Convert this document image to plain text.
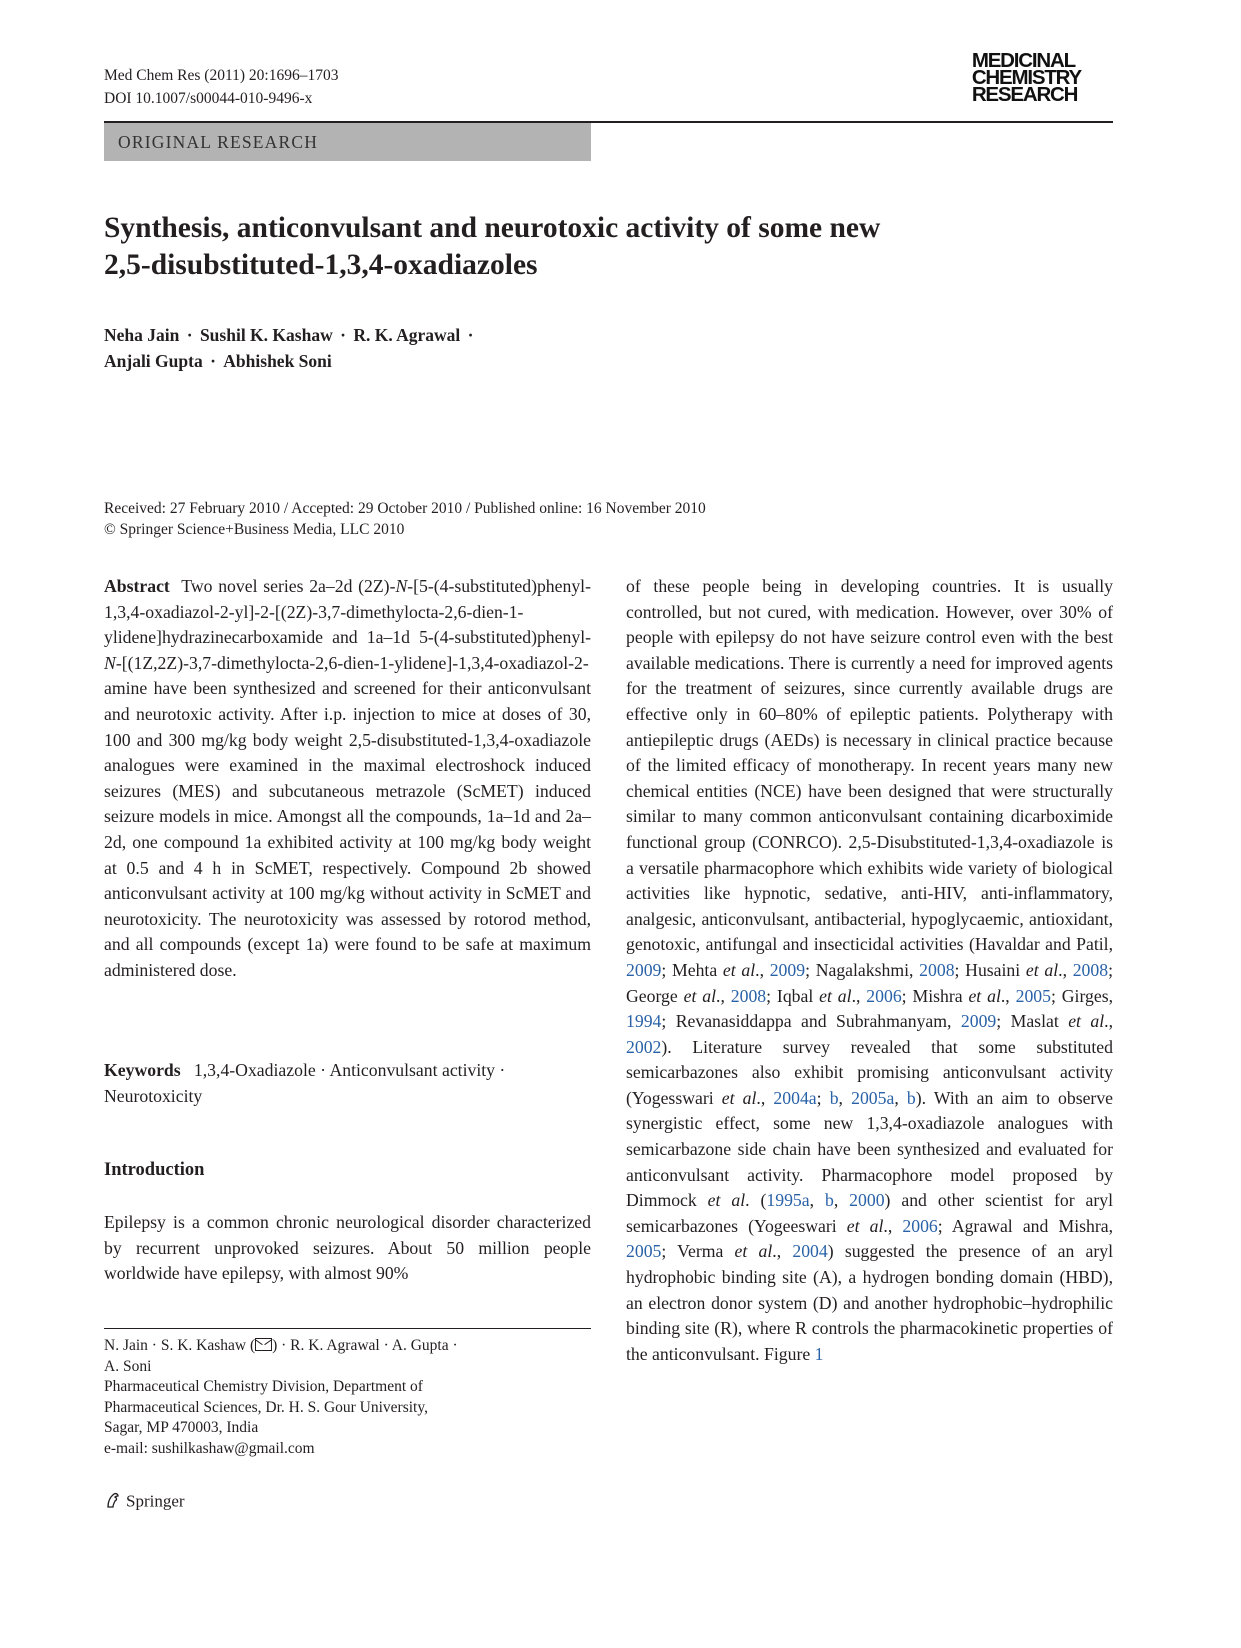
Med Chem Res (2011) 20:1696–1703
DOI 10.1007/s00044-010-9496-x
MEDICINAL
CHEMISTRY
RESEARCH
ORIGINAL RESEARCH
Synthesis, anticonvulsant and neurotoxic activity of some new
2,5-disubstituted-1,3,4-oxadiazoles
Neha Jain · Sushil K. Kashaw · R. K. Agrawal ·
Anjali Gupta · Abhishek Soni
Received: 27 February 2010 / Accepted: 29 October 2010 / Published online: 16 November 2010
© Springer Science+Business Media, LLC 2010
Abstract Two novel series 2a–2d (2Z)-N-[5-(4-substituted)phenyl-1,3,4-oxadiazol-2-yl]-2-[(2Z)-3,7-dimethylocta-2,6-dien-1-ylidene]hydrazinecarboxamide and 1a–1d 5-(4-substituted)phenyl-N-[(1Z,2Z)-3,7-dimethylocta-2,6-dien-1-ylidene]-1,3,4-oxadiazol-2-amine have been synthesized and screened for their anticonvulsant and neurotoxic activity. After i.p. injection to mice at doses of 30, 100 and 300 mg/kg body weight 2,5-disubstituted-1,3,4-oxadiazole analogues were examined in the maximal electroshock induced seizures (MES) and subcutaneous metrazole (ScMET) induced seizure models in mice. Amongst all the compounds, 1a–1d and 2a–2d, one compound 1a exhibited activity at 100 mg/kg body weight at 0.5 and 4 h in ScMET, respectively. Compound 2b showed anticonvulsant activity at 100 mg/kg without activity in ScMET and neurotoxicity. The neurotoxicity was assessed by rotorod method, and all compounds (except 1a) were found to be safe at maximum administered dose.
Keywords 1,3,4-Oxadiazole · Anticonvulsant activity · Neurotoxicity
Introduction
Epilepsy is a common chronic neurological disorder characterized by recurrent unprovoked seizures. About 50 million people worldwide have epilepsy, with almost 90%
N. Jain · S. K. Kashaw ( ) · R. K. Agrawal · A. Gupta ·
A. Soni
Pharmaceutical Chemistry Division, Department of
Pharmaceutical Sciences, Dr. H. S. Gour University,
Sagar, MP 470003, India
e-mail: sushilkashaw@gmail.com
of these people being in developing countries. It is usually controlled, but not cured, with medication. However, over 30% of people with epilepsy do not have seizure control even with the best available medications. There is currently a need for improved agents for the treatment of seizures, since currently available drugs are effective only in 60–80% of epileptic patients. Polytherapy with antiepileptic drugs (AEDs) is necessary in clinical practice because of the limited efficacy of monotherapy. In recent years many new chemical entities (NCE) have been designed that were structurally similar to many common anticonvulsant containing dicarboximide functional group (CONRCO). 2,5-Disubstituted-1,3,4-oxadiazole is a versatile pharmacophore which exhibits wide variety of biological activities like hypnotic, sedative, anti-HIV, anti-inflammatory, analgesic, anticonvulsant, antibacterial, hypoglycaemic, antioxidant, genotoxic, antifungal and insecticidal activities (Havaldar and Patil, 2009; Mehta et al., 2009; Nagalakshmi, 2008; Husaini et al., 2008; George et al., 2008; Iqbal et al., 2006; Mishra et al., 2005; Girges, 1994; Revanasiddappa and Subrahmanyam, 2009; Maslat et al., 2002). Literature survey revealed that some substituted semicarbazones also exhibit promising anticonvulsant activity (Yogesswari et al., 2004a; b, 2005a, b). With an aim to observe synergistic effect, some new 1,3,4-oxadiazole analogues with semicarbazone side chain have been synthesized and evaluated for anticonvulsant activity. Pharmacophore model proposed by Dimmock et al. (1995a, b, 2000) and other scientist for aryl semicarbazones (Yogeeswari et al., 2006; Agrawal and Mishra, 2005; Verma et al., 2004) suggested the presence of an aryl hydrophobic binding site (A), a hydrogen bonding domain (HBD), an electron donor system (D) and another hydrophobic–hydrophilic binding site (R), where R controls the pharmacokinetic properties of the anticonvulsant. Figure 1
Springer
